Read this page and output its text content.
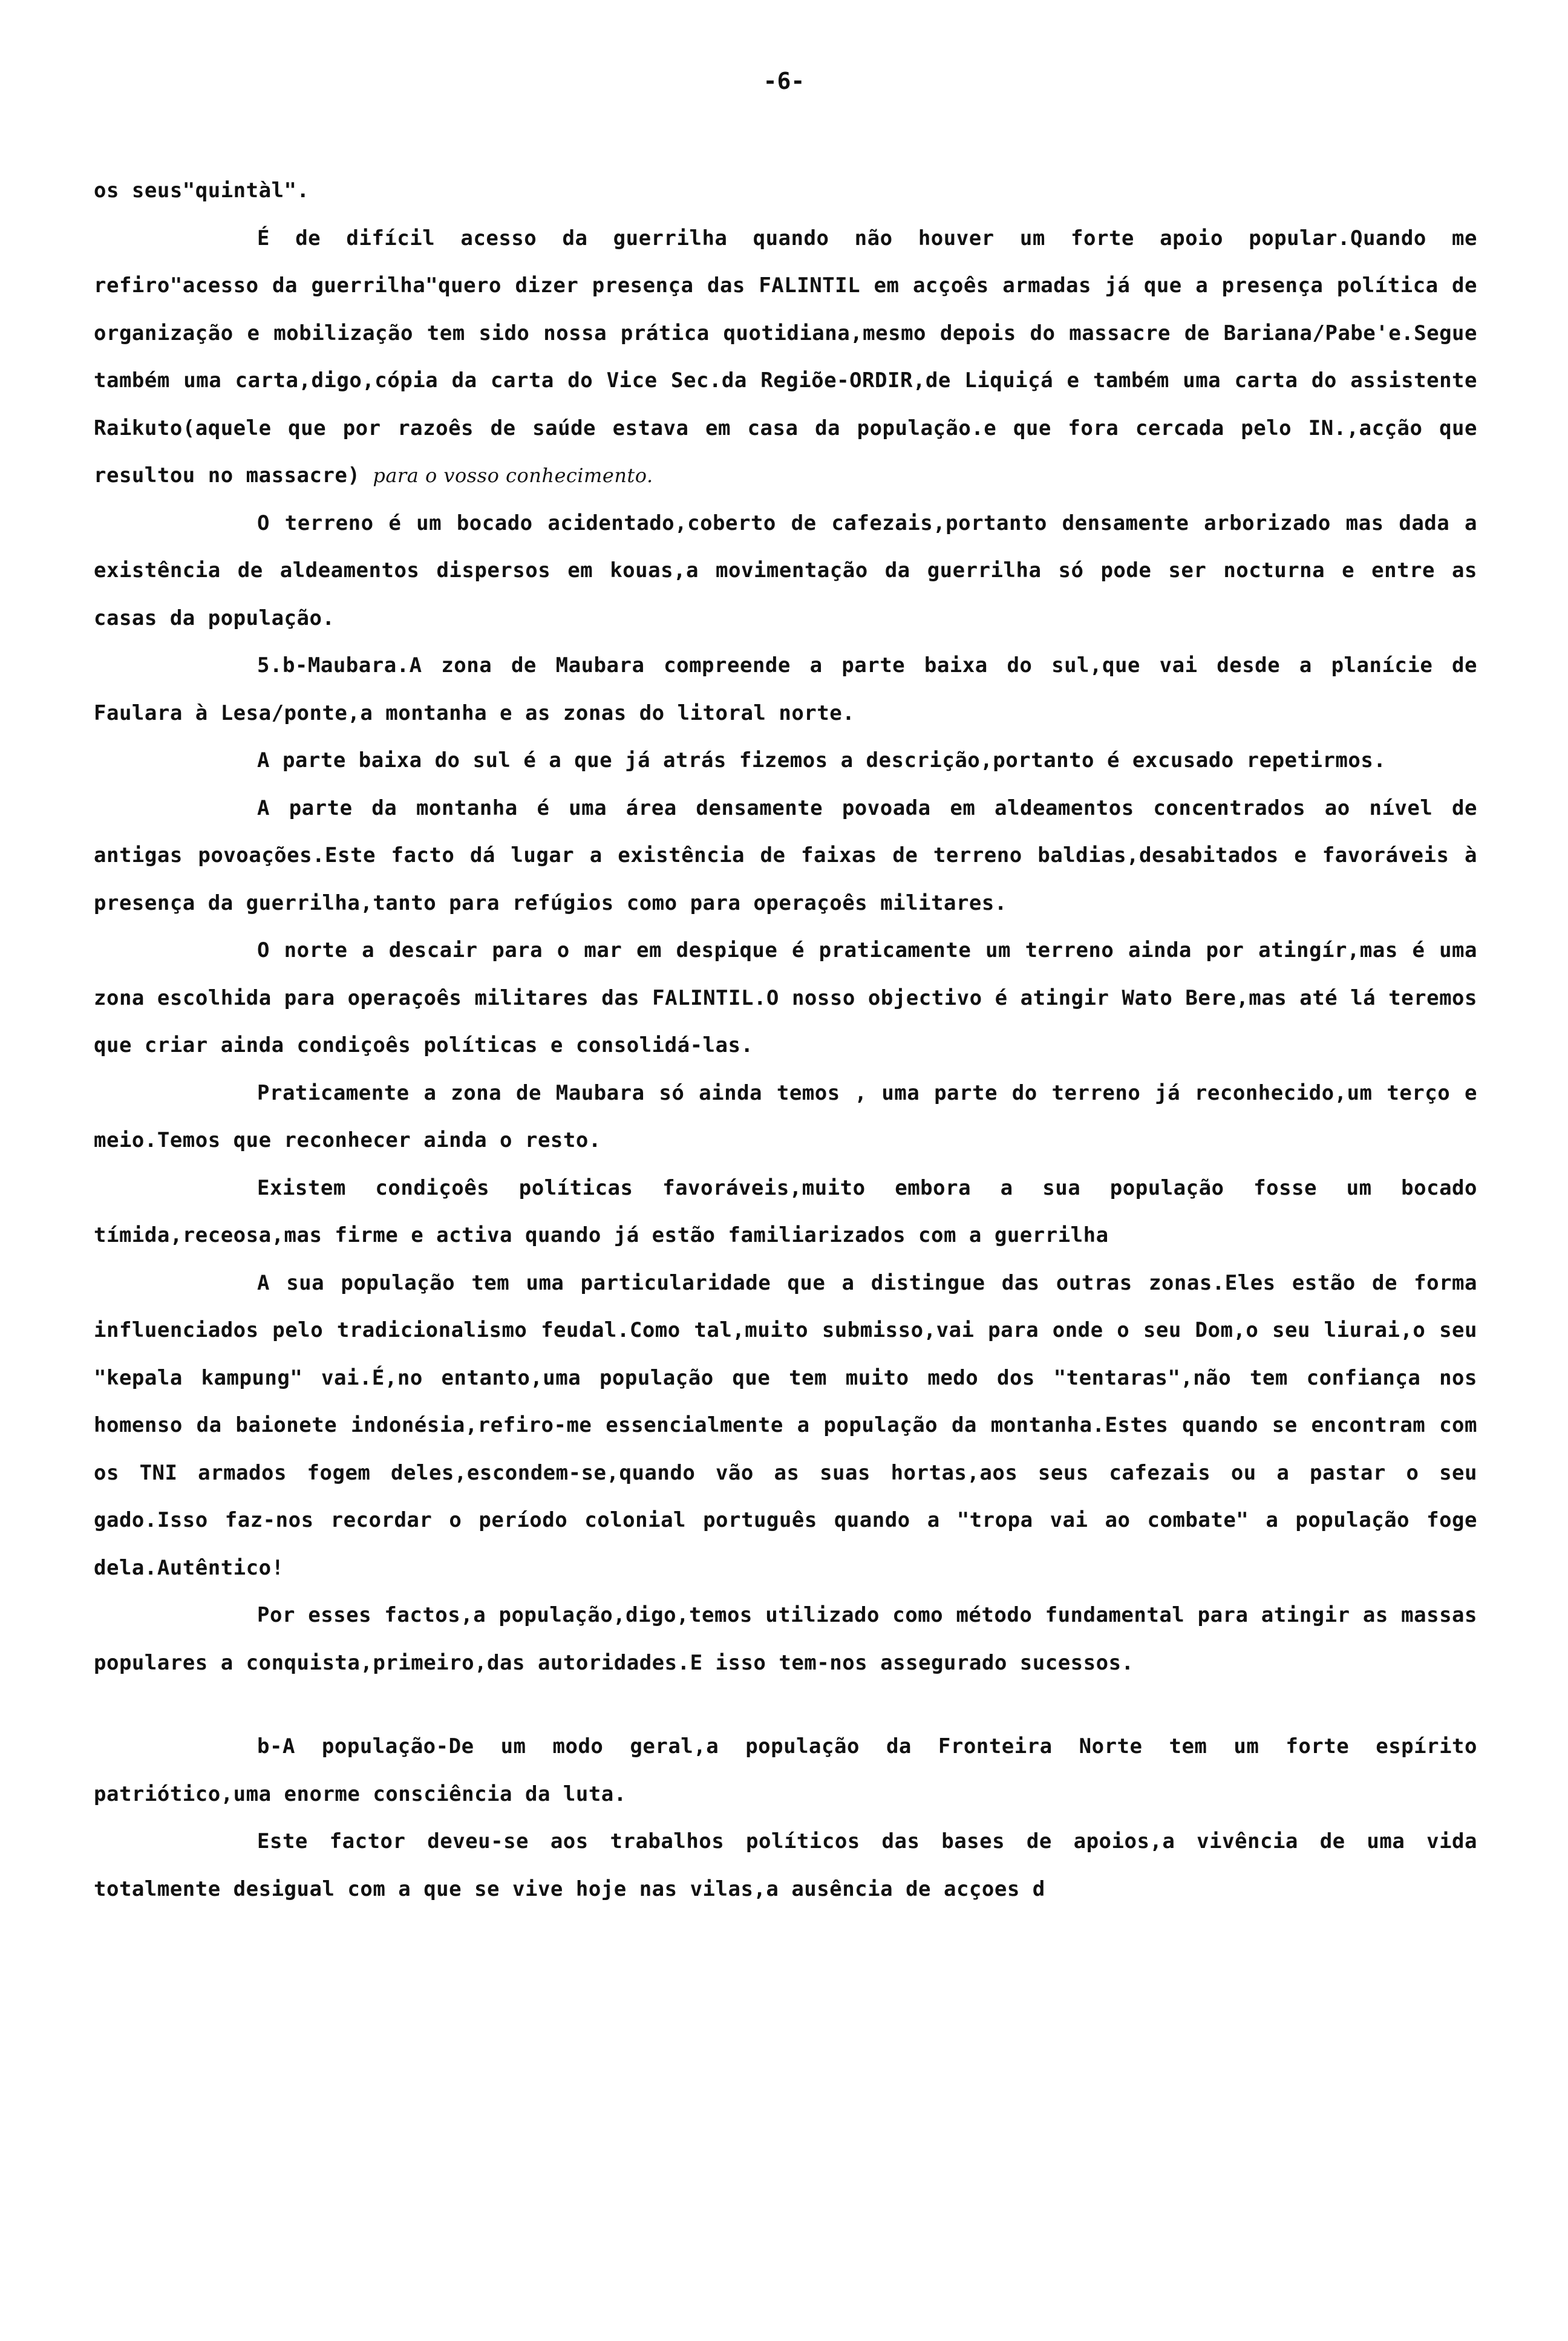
-6-

os seus"quintàl".

É de difícil acesso da guerrilha quando não houver um forte apoio popular.Quando me refiro"acesso da guerrilha"quero dizer presença das FALINTIL em acçoês armadas já que a presença política de organização e mobilização tem sido nossa prática quotidiana,mesmo depois do massacre de Bariana/Pabe'e.Segue também uma carta,digo,cópia da carta do Vice Sec.da Regiõe-ORDIR,de Liquiçá e também uma carta do assistente Raikuto(aquele que por razoês de saúde estava em casa da população.e que fora cercada pelo IN.,acção que resultou no massacre) para o vosso conhecimento.

O terreno é um bocado acidentado,coberto de cafezais,portanto densamente arborizado mas dada a existência de aldeamentos dispersos em kouas,a movimentação da guerrilha só pode ser nocturna e entre as casas da população.

5.b-Maubara.A zona de Maubara compreende a parte baixa do sul,que vai desde a planície de Faulara à Lesa/ponte,a montanha e as zonas do litoral norte.

A parte baixa do sul é a que já atrás fizemos a descrição,portanto é excusado repetirmos.

A parte da montanha é uma área densamente povoada em aldeamentos concentrados ao nível de antigas povoações.Este facto dá lugar a existência de faixas de terreno baldias,desabitados e favoráveis à presença da guerrilha,tanto para refúgios como para operaçoês militares.

O norte a descair para o mar em despique é praticamente um terreno ainda por atingír,mas é uma zona escolhida para operaçoês militares das FALINTIL.O nosso objectivo é atingir Wato Bere,mas até lá teremos que criar ainda condiçoês políticas e consolidá-las.

Praticamente a zona de Maubara só ainda temos , uma parte do terreno já reconhecido,um terço e meio.Temos que reconhecer ainda o resto.

Existem condiçoês políticas favoráveis,muito embora a sua população fosse um bocado tímida,receosa,mas firme e activa quando já estão familiarizados com a guerrilha

A sua população tem uma particularidade que a distingue das outras zonas.Eles estão de forma influenciados pelo tradicionalismo feudal.Como tal,muito submisso,vai para onde o seu Dom,o seu liurai,o seu "kepala kampung" vai.É,no entanto,uma população que tem muito medo dos "tentaras",não tem confiança nos homenso da baionete indonésia,refiro-me essencialmente a população da montanha.Estes quando se encontram com os TNI armados fogem deles,escondem-se,quando vão as suas hortas,aos seus cafezais ou a pastar o seu gado.Isso faz-nos recordar o período colonial português quando a "tropa vai ao combate" a população foge dela.Autêntico!

Por esses factos,a população,digo,temos utilizado como método fundamental para atingir as massas populares a conquista,primeiro,das autoridades.E isso tem-nos assegurado sucessos.

b-A população-De um modo geral,a população da Fronteira Norte tem um forte espírito patriótico,uma enorme consciência da luta.

Este factor deveu-se aos trabalhos políticos das bases de apoios,a vivência de uma vida totalmente desigual com a que se vive hoje nas vilas,a ausência de acçoes d
